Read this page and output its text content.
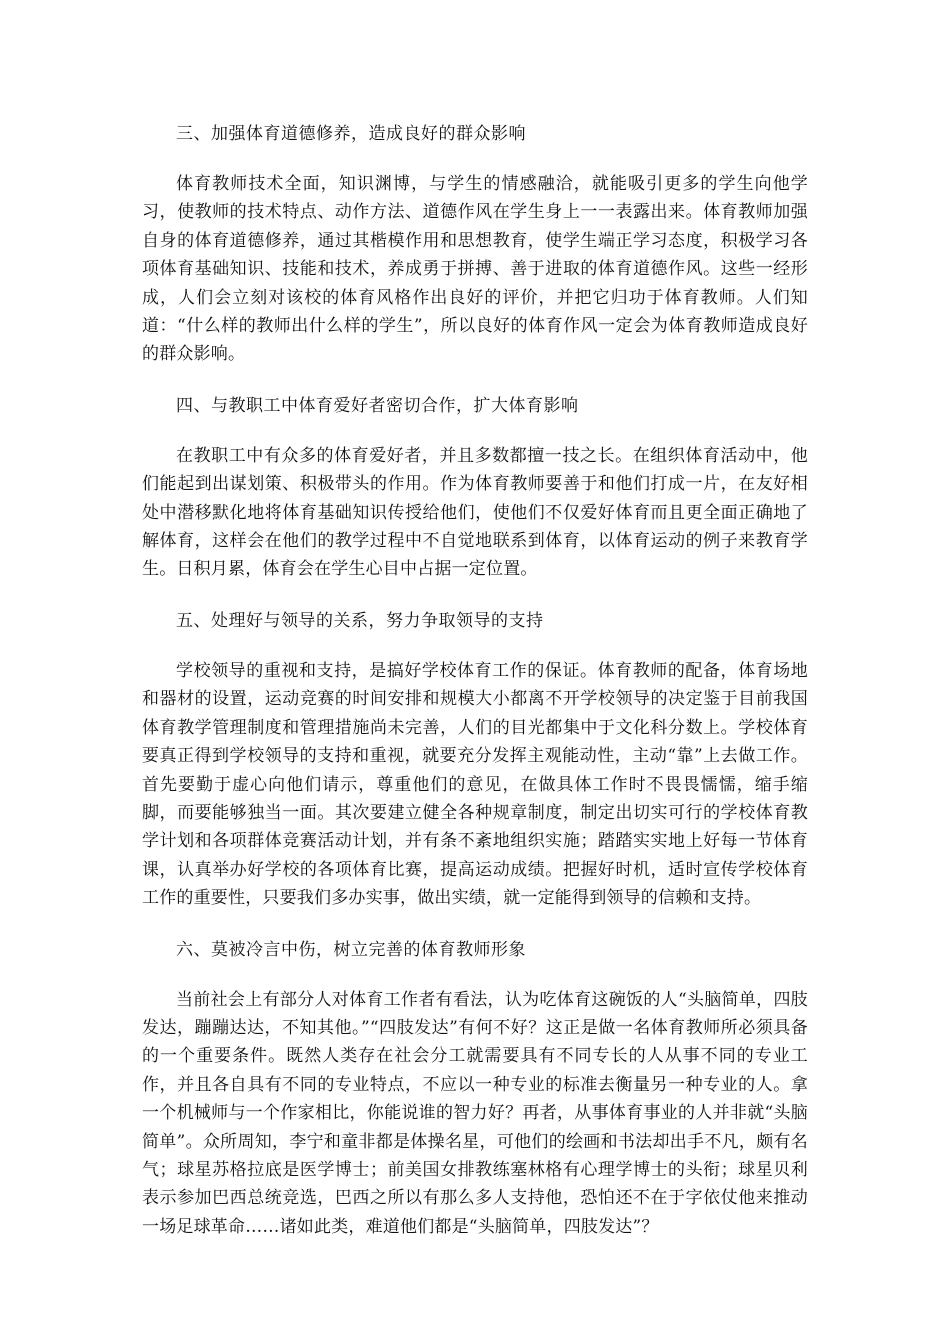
三、加强体育道德修养，造成良好的群众影响

体育教师技术全面，知识渊博，与学生的情感融洽，就能吸引更多的学生向他学习，使教师的技术特点、动作方法、道德作风在学生身上一一表露出来。体育教师加强自身的体育道德修养，通过其楷模作用和思想教育，使学生端正学习态度，积极学习各项体育基础知识、技能和技术，养成勇于拼搏、善于进取的体育道德作风。这些一经形成，人们会立刻对该校的体育风格作出良好的评价，并把它归功于体育教师。人们知道：“什么样的教师出什么样的学生”，所以良好的体育作风一定会为体育教师造成良好的群众影响。

四、与教职工中体育爱好者密切合作，扩大体育影响

在教职工中有众多的体育爱好者，并且多数都擅一技之长。在组织体育活动中，他们能起到出谋划策、积极带头的作用。作为体育教师要善于和他们打成一片，在友好相处中潜移默化地将体育基础知识传授给他们，使他们不仅爱好体育而且更全面正确地了解体育，这样会在他们的教学过程中不自觉地联系到体育，以体育运动的例子来教育学生。日积月累，体育会在学生心目中占据一定位置。

五、处理好与领导的关系，努力争取领导的支持

学校领导的重视和支持，是搞好学校体育工作的保证。体育教师的配备，体育场地和器材的设置，运动竞赛的时间安排和规模大小都离不开学校领导的决定鉴于目前我国体育教学管理制度和管理措施尚未完善，人们的目光都集中于文化科分数上。学校体育要真正得到学校领导的支持和重视，就要充分发挥主观能动性，主动“靠”上去做工作。首先要勤于虚心向他们请示，尊重他们的意见，在做具体工作时不畏畏懦懦，缩手缩脚，而要能够独当一面。其次要建立健全各种规章制度，制定出切实可行的学校体育教学计划和各项群体竞赛活动计划，并有条不紊地组织实施；踏踏实实地上好每一节体育课，认真举办好学校的各项体育比赛，提高运动成绩。把握好时机，适时宣传学校体育工作的重要性，只要我们多办实事，做出实绩，就一定能得到领导的信赖和支持。

六、莫被冷言中伤，树立完善的体育教师形象

当前社会上有部分人对体育工作者有看法，认为吃体育这碗饭的人“头脑简单，四肢发达，蹦蹦达达，不知其他。”“四肢发达”有何不好？这正是做一名体育教师所必须具备的一个重要条件。既然人类存在社会分工就需要具有不同专长的人从事不同的专业工作，并且各自具有不同的专业特点，不应以一种专业的标准去衡量另一种专业的人。拿一个机械师与一个作家相比，你能说谁的智力好？再者，从事体育事业的人并非就“头脑简单”。众所周知，李宁和童非都是体操名星，可他们的绘画和书法却出手不凡，颇有名气；球星苏格拉底是医学博士；前美国女排教练塞林格有心理学博士的头衔；球星贝利表示参加巴西总统竞选，巴西之所以有那么多人支持他，恐怕还不在于字依仗他来推动一场足球革命……诸如此类，难道他们都是“头脑简单，四肢发达”？
